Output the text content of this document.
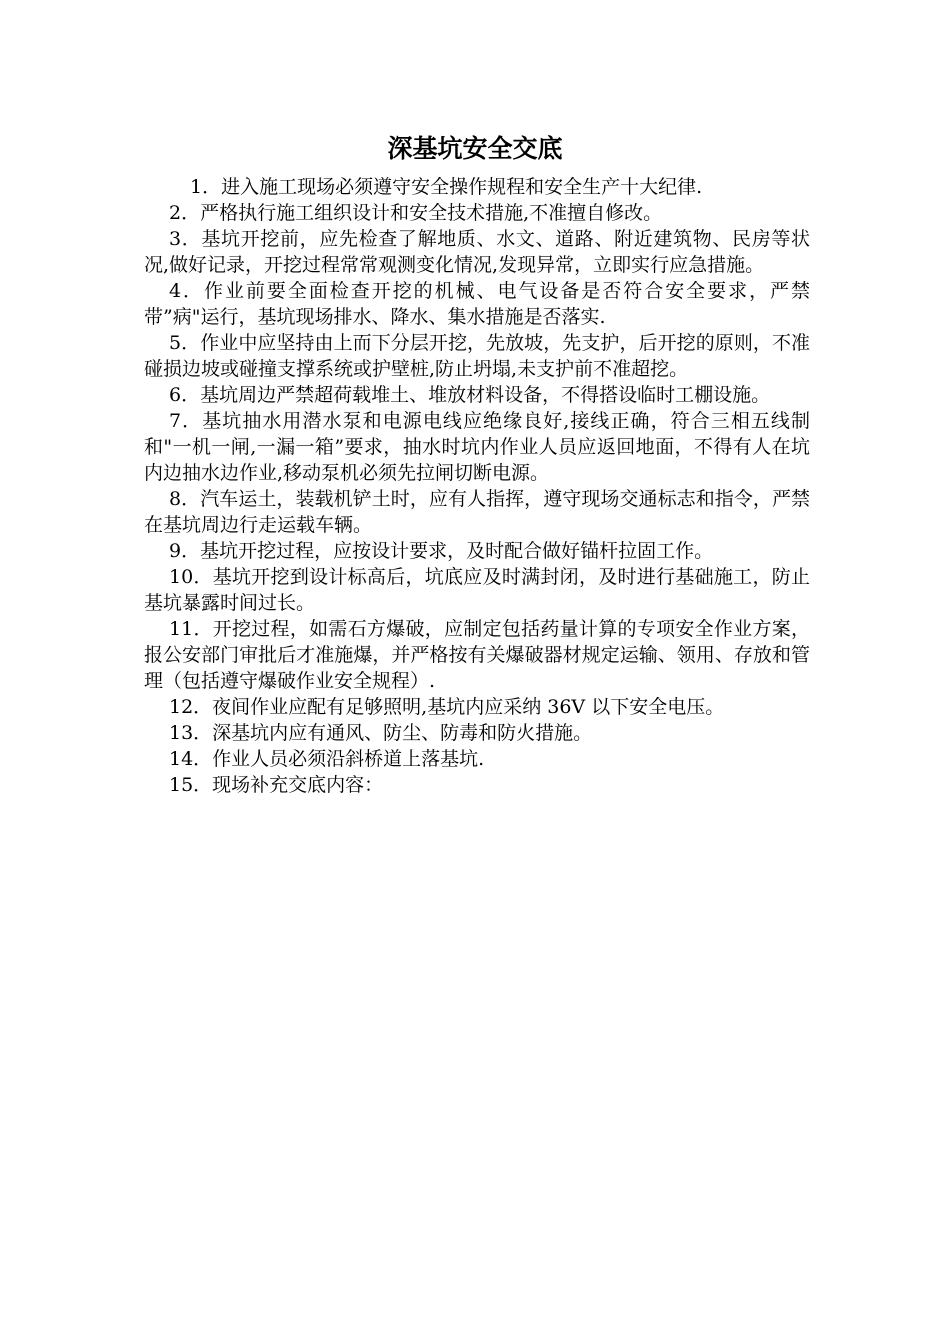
深基坑安全交底

1．进入施工现场必须遵守安全操作规程和安全生产十大纪律.

2．严格执行施工组织设计和安全技术措施,不准擅自修改。

3．基坑开挖前，应先检查了解地质、水文、道路、附近建筑物、民房等状况,做好记录，开挖过程常常观测变化情况,发现异常，立即实行应急措施。

4．作业前要全面检查开挖的机械、电气设备是否符合安全要求，严禁带”病"运行，基坑现场排水、降水、集水措施是否落实.

5．作业中应坚持由上而下分层开挖，先放坡，先支护，后开挖的原则，不准碰损边坡或碰撞支撑系统或护壁桩,防止坍塌,未支护前不准超挖。

6．基坑周边严禁超荷载堆土、堆放材料设备，不得搭设临时工棚设施。

7．基坑抽水用潜水泵和电源电线应绝缘良好,接线正确，符合三相五线制和"一机一闸,一漏一箱”要求，抽水时坑内作业人员应返回地面，不得有人在坑内边抽水边作业,移动泵机必须先拉闸切断电源。

8．汽车运土，装载机铲土时，应有人指挥，遵守现场交通标志和指令，严禁在基坑周边行走运载车辆。

9．基坑开挖过程，应按设计要求，及时配合做好锚杆拉固工作。

10．基坑开挖到设计标高后，坑底应及时满封闭，及时进行基础施工，防止基坑暴露时间过长。

11．开挖过程，如需石方爆破，应制定包括药量计算的专项安全作业方案，报公安部门审批后才准施爆，并严格按有关爆破器材规定运输、领用、存放和管理（包括遵守爆破作业安全规程）.

12．夜间作业应配有足够照明,基坑内应采纳 36V 以下安全电压。

13．深基坑内应有通风、防尘、防毒和防火措施。

14．作业人员必须沿斜桥道上落基坑.

15．现场补充交底内容：
